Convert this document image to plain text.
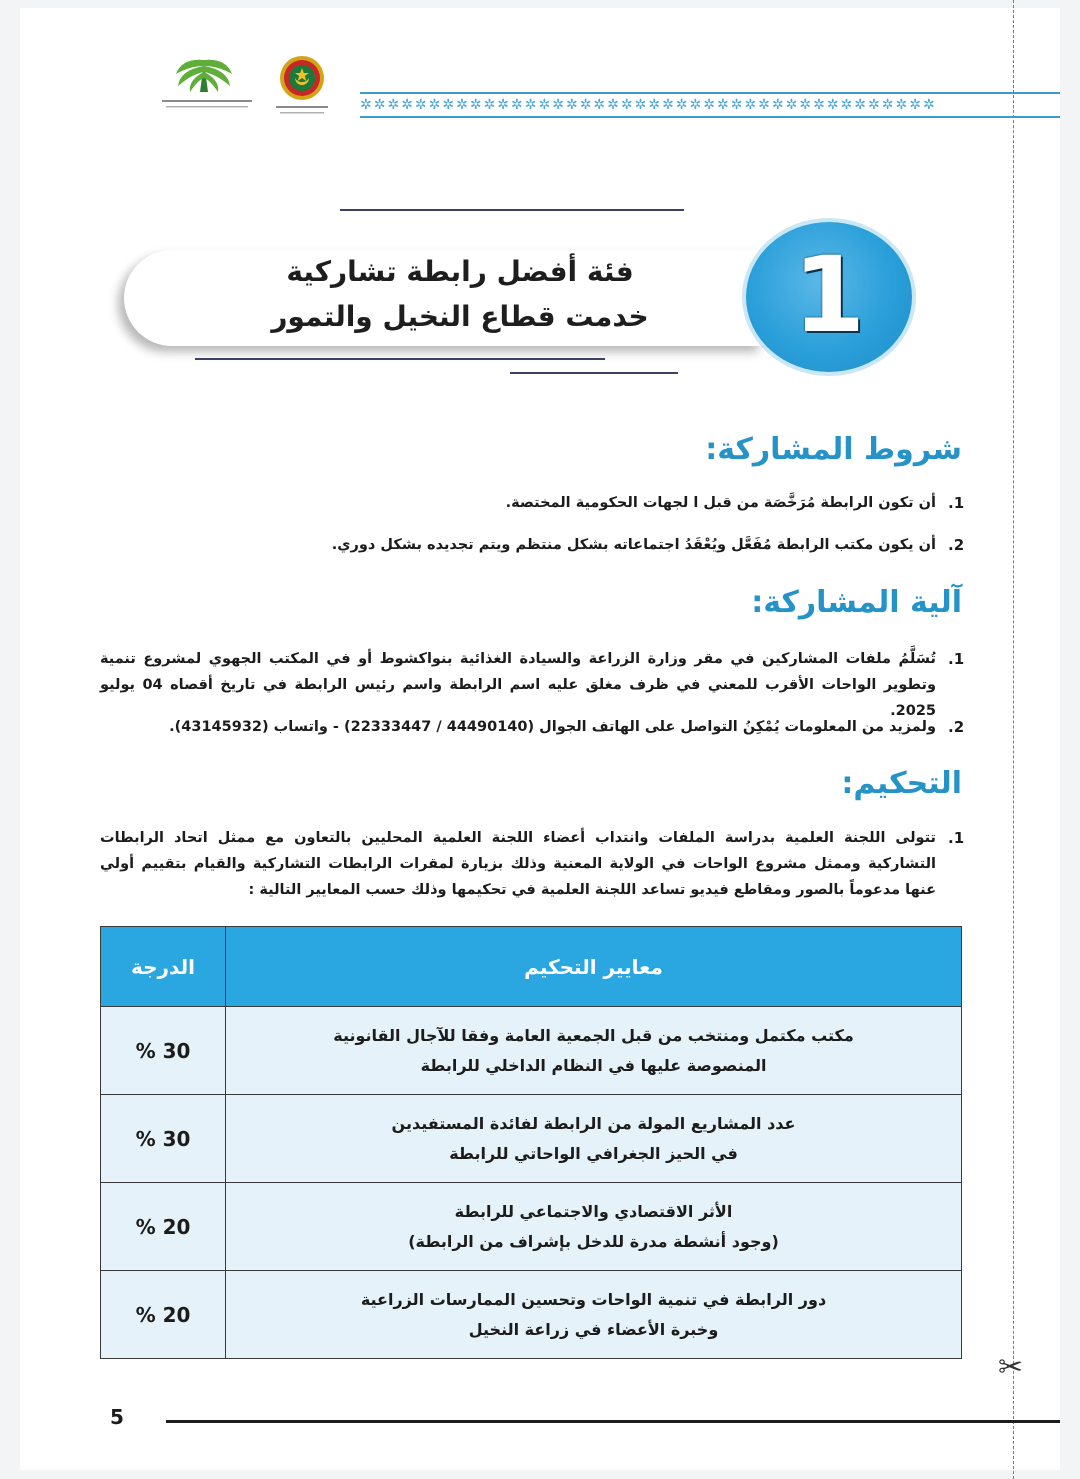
✂
✲✲✲✲✲✲✲✲✲✲✲✲✲✲✲✲✲✲✲✲✲✲✲✲✲✲✲✲✲✲✲✲✲✲✲✲✲✲✲✲✲✲
فئة أفضل رابطة تشاركية
خدمت قطاع النخيل والتمور	1
شروط المشاركة:
.1
أن تكون الرابطة مُرَخَّصَة من قبل ا لجهات الحكومية المختصة.
.2
أن يكون مكتب الرابطة مُفَعَّل ويُعْقَدُ اجتماعاته بشكل منتظم ويتم تجديده بشكل دوري.
آلية المشاركة:
.1
تُسَلَّمُ ملفات المشاركين في مقر وزارة الزراعة والسيادة الغذائية بنواكشوط أو في المكتب الجهوي لمشروع تنمية وتطوير الواحات الأقرب للمعني في ظرف مغلق عليه اسم الرابطة واسم رئيس الرابطة في تاريخ أقصاه 04 يوليو 2025.
.2
ولمزيد من المعلومات يُمْكِنُ التواصل على الهاتف الجوال (44490140 / 22333447) - واتساب (43145932).
التحكيم:
.1
تتولى اللجنة العلمية بدراسة الملفات وانتداب أعضاء اللجنة العلمية المحليين بالتعاون مع ممثل اتحاد الرابطات التشاركية وممثل مشروع الواحات في الولاية المعنية وذلك بزيارة لمقرات الرابطات التشاركية والقيام بتقييم أولي عنها مدعوماً بالصور ومقاطع فيديو تساعد اللجنة العلمية في تحكيمها وذلك حسب المعايير التالية :
معايير التحكيم	الدرجة

مكتب مكتمل ومنتخب من قبل الجمعية العامة وفقا للآجال القانونية
المنصوصة عليها في النظام الداخلي للرابطة	30 %

عدد المشاريع المولة من الرابطة لفائدة المستفيدين
في الحيز الجغرافي الواحاتي للرابطة	30 %

الأثر الاقتصادي والاجتماعي للرابطة
(وجود أنشطة مدرة للدخل بإشراف من الرابطة)	20 %

دور الرابطة في تنمية الواحات وتحسين الممارسات الزراعية
وخبرة الأعضاء في زراعة النخيل	20 %
5
